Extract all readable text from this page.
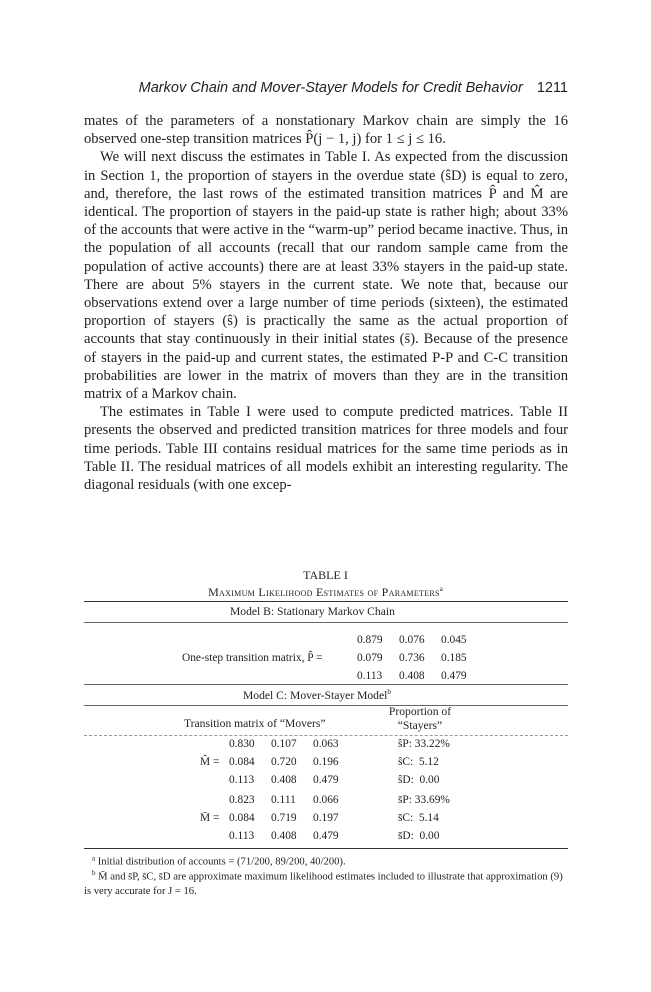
Markov Chain and Mover-Stayer Models for Credit Behavior 1211

mates of the parameters of a nonstationary Markov chain are simply the 16 observed one-step transition matrices P̂(j − 1, j) for 1 ≤ j ≤ 16.

We will next discuss the estimates in Table I. As expected from the discussion in Section 1, the proportion of stayers in the overdue state (ŝD) is equal to zero, and, therefore, the last rows of the estimated transition matrices P̂ and M̂ are identical. The proportion of stayers in the paid-up state is rather high; about 33% of the accounts that were active in the “warm-up” period became inactive. Thus, in the population of all accounts (recall that our random sample came from the population of active accounts) there are at least 33% stayers in the paid-up state. There are about 5% stayers in the current state. We note that, because our observations extend over a large number of time periods (sixteen), the estimated proportion of stayers (ŝ) is practically the same as the actual proportion of accounts that stay continuously in their initial states (s̄). Because of the presence of stayers in the paid-up and current states, the estimated P-P and C-C transition probabilities are lower in the matrix of movers than they are in the transition matrix of a Markov chain.

The estimates in Table I were used to compute predicted matrices. Table II presents the observed and predicted transition matrices for three models and four time periods. Table III contains residual matrices for the same time periods as in Table II. The residual matrices of all models exhibit an interesting regularity. The diagonal residuals (with one excep-

TABLE I
Maximum Likelihood Estimates of Parameters$^a$
Model B: Stationary Markov Chain
One-step transition matrix, P̂ =
0.879 0.076 0.045
0.079 0.736 0.185
0.113 0.408 0.479
Model C: Mover-Stayer Model$^b$
Transition matrix of “Movers”
Proportion of
“Stayers”
M̂ =
0.830 0.107 0.063
0.084 0.720 0.196
0.113 0.408 0.479
ŝP: 33.22%
ŝC:  5.12
ŝD:  0.00
M̄ =
0.823 0.111 0.066
0.084 0.719 0.197
0.113 0.408 0.479
s̄P: 33.69%
s̄C:  5.14
s̄D:  0.00
$^a$ Initial distribution of accounts = (71/200, 89/200, 40/200).
$^b$ M̄ and s̄P, s̄C, s̄D are approximate maximum likelihood estimates included to illustrate that approximation (9) is very accurate for J = 16.
